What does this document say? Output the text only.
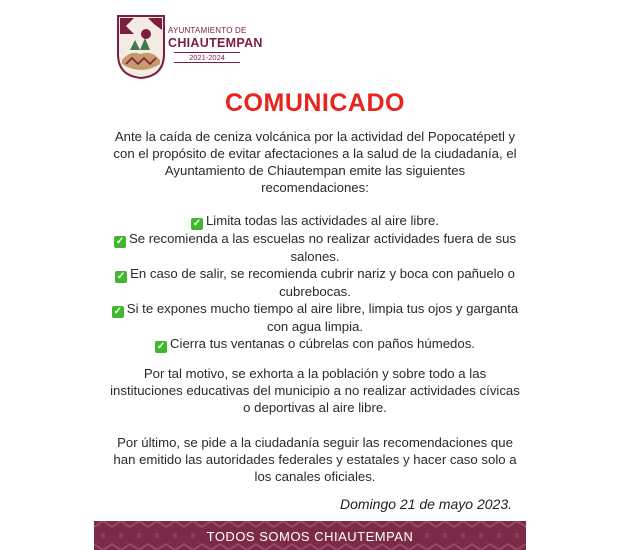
AYUNTAMIENTO DE
CHIAUTEMPAN
2021-2024
COMUNICADO
Ante la caída de ceniza volcánica por la actividad del Popocatépetl y con el propósito de evitar afectaciones a la salud de la ciudadanía, el Ayuntamiento de Chiautempan emite las siguientes recomendaciones:
✓ Limita todas las actividades al aire libre.
✓ Se recomienda a las escuelas no realizar actividades fuera de sus salones.
✓ En caso de salir, se recomienda cubrir nariz y boca con pañuelo o cubrebocas.
✓ Si te expones mucho tiempo al aire libre, limpia tus ojos y garganta con agua limpia.
✓ Cierra tus ventanas o cúbrelas con paños húmedos.
Por tal motivo, se exhorta a la población y sobre todo a las instituciones educativas del municipio a no realizar actividades cívicas o deportivas al aire libre.
Por último, se pide a la ciudadanía seguir las recomendaciones que han emitido las autoridades federales y estatales y hacer caso solo a los canales oficiales.
Domingo 21 de mayo 2023.
TODOS SOMOS CHIAUTEMPAN
